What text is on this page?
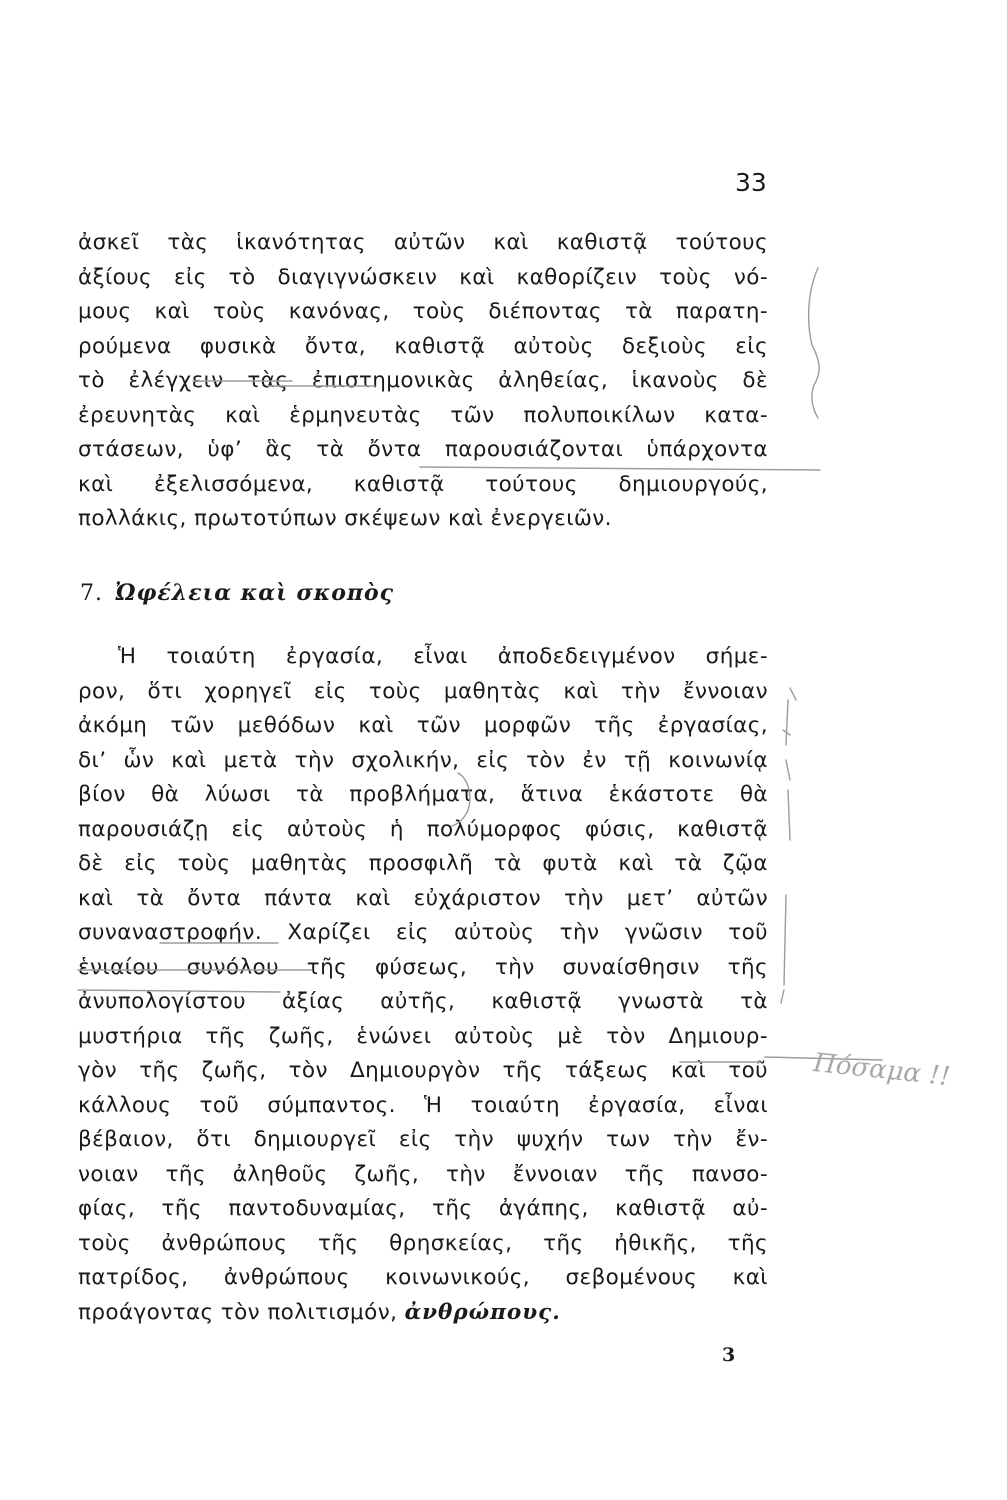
33
ἀσκεῖ τὰς ἱκανότητας αὐτῶν καὶ καθιστᾷ τούτους
ἀξίους εἰς τὸ διαγιγνώσκειν καὶ καθορίζειν τοὺς νό-
μους καὶ τοὺς κανόνας, τοὺς διέποντας τὰ παρατη-
ρούμενα φυσικὰ ὄντα, καθιστᾷ αὐτοὺς δεξιοὺς εἰς
τὸ ἐλέγχειν τὰς ἐπιστημονικὰς ἀληθείας, ἱκανοὺς δὲ
ἐρευνητὰς καὶ ἑρμηνευτὰς τῶν πολυποικίλων κατα-
στάσεων, ὑφ’ ἃς τὰ ὄντα παρουσιάζονται ὑπάρχοντα
καὶ ἐξελισσόμενα, καθιστᾷ τούτους δημιουργούς,
πολλάκις, πρωτοτύπων σκέψεων καὶ ἐνεργειῶν.
7. Ὠφέλεια καὶ σκοπὸς
Ἡ τοιαύτη ἐργασία, εἶναι ἀποδεδειγμένον σήμε-
ρον, ὅτι χορηγεῖ εἰς τοὺς μαθητὰς καὶ τὴν ἔννοιαν
ἀκόμη τῶν μεθόδων καὶ τῶν μορφῶν τῆς ἐργασίας,
δι’ ὧν καὶ μετὰ τὴν σχολικήν, εἰς τὸν ἐν τῇ κοινωνίᾳ
βίον θὰ λύωσι τὰ προβλήματα, ἅτινα ἑκάστοτε θὰ
παρουσιάζῃ εἰς αὐτοὺς ἡ πολύμορφος φύσις, καθιστᾷ
δὲ εἰς τοὺς μαθητὰς προσφιλῆ τὰ φυτὰ καὶ τὰ ζῷα
καὶ τὰ ὄντα πάντα καὶ εὐχάριστον τὴν μετ’ αὐτῶν
συναναστροφήν. Χαρίζει εἰς αὐτοὺς τὴν γνῶσιν τοῦ
ἑνιαίου συνόλου τῆς φύσεως, τὴν συναίσθησιν τῆς
ἀνυπολογίστου ἀξίας αὐτῆς, καθιστᾷ γνωστὰ τὰ
μυστήρια τῆς ζωῆς, ἑνώνει αὐτοὺς μὲ τὸν Δημιουρ-
γὸν τῆς ζωῆς, τὸν Δημιουργὸν τῆς τάξεως καὶ τοῦ
κάλλους τοῦ σύμπαντος. Ἡ τοιαύτη ἐργασία, εἶναι
βέβαιον, ὅτι δημιουργεῖ εἰς τὴν ψυχήν των τὴν ἔν-
νοιαν τῆς ἀληθοῦς ζωῆς, τὴν ἔννοιαν τῆς πανσο-
φίας, τῆς παντοδυναμίας, τῆς ἀγάπης, καθιστᾷ αὐ-
τοὺς ἀνθρώπους τῆς θρησκείας, τῆς ἠθικῆς, τῆς
πατρίδος, ἀνθρώπους κοινωνικούς, σεβομένους καὶ
προάγοντας τὸν πολιτισμόν, ἀνθρώπους.
3
Πόσαμα !!
